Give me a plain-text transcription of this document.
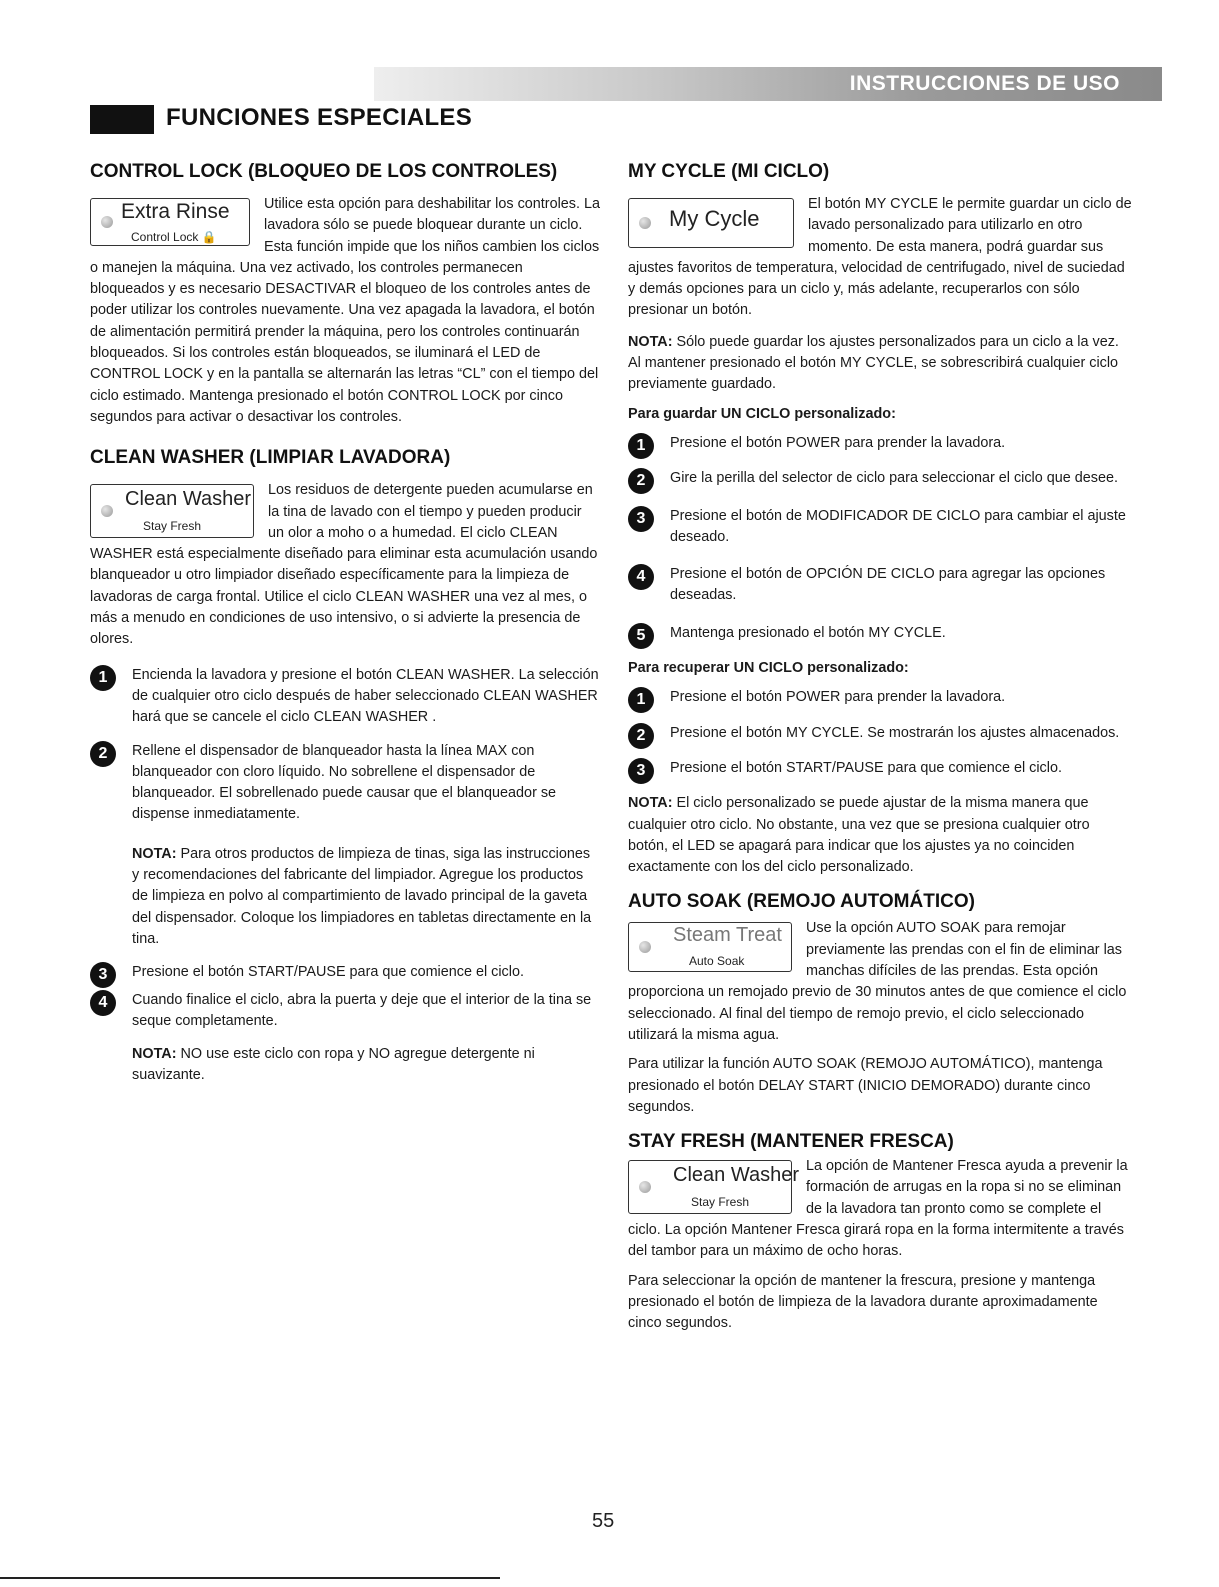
INSTRUCCIONES DE USO
FUNCIONES ESPECIALES
CONTROL LOCK (BLOQUEO DE LOS CONTROLES)
Extra Rinse
Control Lock 🔒

Utilice esta opción para deshabilitar los controles. La lavadora sólo se puede bloquear durante un ciclo. Esta función impide que los niños cambien los ciclos o manejen la máquina. Una vez activado, los controles permanecen bloqueados y es necesario DESACTIVAR el bloqueo de los controles antes de poder utilizar los controles nuevamente. Una vez apagada la lavadora, el botón de alimentación permitirá prender la máquina, pero los controles continuarán bloqueados. Si los controles están bloqueados, se iluminará el LED de CONTROL LOCK y en la pantalla se alternarán las letras “CL” con el tiempo del ciclo estimado. Mantenga presionado el botón CONTROL LOCK por cinco segundos para activar o desactivar los controles.

CLEAN WASHER (LIMPIAR LAVADORA)
Clean Washer
Stay Fresh

Los residuos de detergente pueden acumularse en la tina de lavado con el tiempo y pueden producir un olor a moho o a humedad. El ciclo CLEAN WASHER está especialmente diseñado para eliminar esta acumulación usando blanqueador u otro limpiador diseñado específicamente para la limpieza de lavadoras de carga frontal. Utilice el ciclo CLEAN WASHER una vez al mes, o más a menudo en condiciones de uso intensivo, o si advierte la presencia de olores.

1	Encienda la lavadora y presione el botón CLEAN WASHER. La selección de cualquier otro ciclo después de haber seleccionado CLEAN WASHER hará que se cancele el ciclo CLEAN WASHER .

2	Rellene el dispensador de blanqueador hasta la línea MAX con blanqueador con cloro líquido. No sobrellene el dispensador de blanqueador. El sobrellenado puede causar que el blanqueador se dispense inmediatamente.

NOTA: Para otros productos de limpieza de tinas, siga las instrucciones y recomendaciones del fabricante del limpiador. Agregue los productos de limpieza en polvo al compartimiento de lavado principal de la gaveta del dispensador. Coloque los limpiadores en tabletas directamente en la tina.

3	Presione el botón START/PAUSE para que comience el ciclo.

4	Cuando finalice el ciclo, abra la puerta y deje que el interior de la tina se seque completamente.

NOTA: NO use este ciclo con ropa y NO agregue detergente ni suavizante.

MY CYCLE (MI CICLO)
My Cycle

El botón MY CYCLE le permite guardar un ciclo de lavado personalizado para utilizarlo en otro momento. De esta manera, podrá guardar sus ajustes favoritos de temperatura, velocidad de centrifugado, nivel de suciedad y demás opciones para un ciclo y, más adelante, recuperarlos con sólo presionar un botón.

NOTA: Sólo puede guardar los ajustes personalizados para un ciclo a la vez. Al mantener presionado el botón MY CYCLE, se sobrescribirá cualquier ciclo previamente guardado.

Para guardar UN CICLO personalizado:
1	Presione el botón POWER para prender la lavadora.

2	Gire la perilla del selector de ciclo para seleccionar el ciclo que desee.

3	Presione el botón de MODIFICADOR DE CICLO para cambiar el ajuste deseado.

4	Presione el botón de OPCIÓN DE CICLO para agregar las opciones deseadas.

5	Mantenga presionado el botón MY CYCLE.

Para recuperar UN CICLO personalizado:
1	Presione el botón POWER para prender la lavadora.

2	Presione el botón MY CYCLE. Se mostrarán los ajustes almacenados.

3	Presione el botón START/PAUSE para que comience el ciclo.

NOTA: El ciclo personalizado se puede ajustar de la misma manera que cualquier otro ciclo. No obstante, una vez que se presiona cualquier otro botón, el LED se apagará para indicar que los ajustes ya no coinciden exactamente con los del ciclo personalizado.

AUTO SOAK (REMOJO AUTOMÁTICO)
Steam Treat
Auto Soak

Use la opción AUTO SOAK para remojar previamente las prendas con el fin de eliminar las manchas difíciles de las prendas. Esta opción proporciona un remojado previo de 30 minutos antes de que comience el ciclo seleccionado. Al final del tiempo de remojo previo, el ciclo seleccionado utilizará la misma agua.

Para utilizar la función AUTO SOAK (REMOJO AUTOMÁTICO), mantenga presionado el botón DELAY START (INICIO DEMORADO) durante cinco segundos.

STAY FRESH (MANTENER FRESCA)
Clean Washer
Stay Fresh

La opción de Mantener Fresca ayuda a prevenir la formación de arrugas en la ropa si no se eliminan de la lavadora tan pronto como se complete el ciclo. La opción Mantener Fresca girará ropa en la forma intermitente a través del tambor para un máximo de ocho horas.

Para seleccionar la opción de mantener la frescura, presione y mantenga presionado el botón de limpieza de la lavadora durante aproximadamente cinco segundos.

55
